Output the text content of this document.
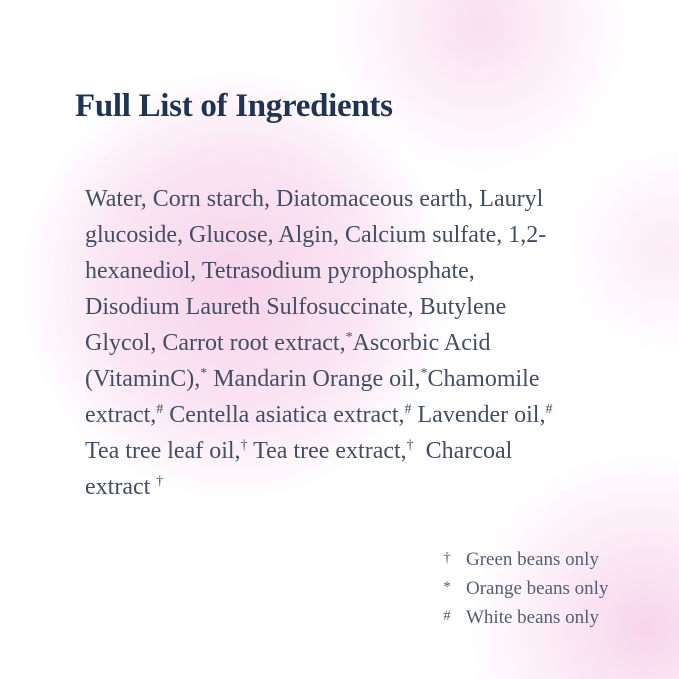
Full List of Ingredients
Water, Corn starch, Diatomaceous earth, Lauryl
glucoside, Glucose, Algin, Calcium sulfate, 1,2-
hexanediol, Tetrasodium pyrophosphate,
Disodium Laureth Sulfosuccinate, Butylene
Glycol, Carrot root extract,*Ascorbic Acid
(VitaminC),* Mandarin Orange oil,*Chamomile
extract,# Centella asiatica extract,# Lavender oil,#
Tea tree leaf oil,† Tea tree extract,† Charcoal
extract †
† Green beans only
* Orange beans only
# White beans only
